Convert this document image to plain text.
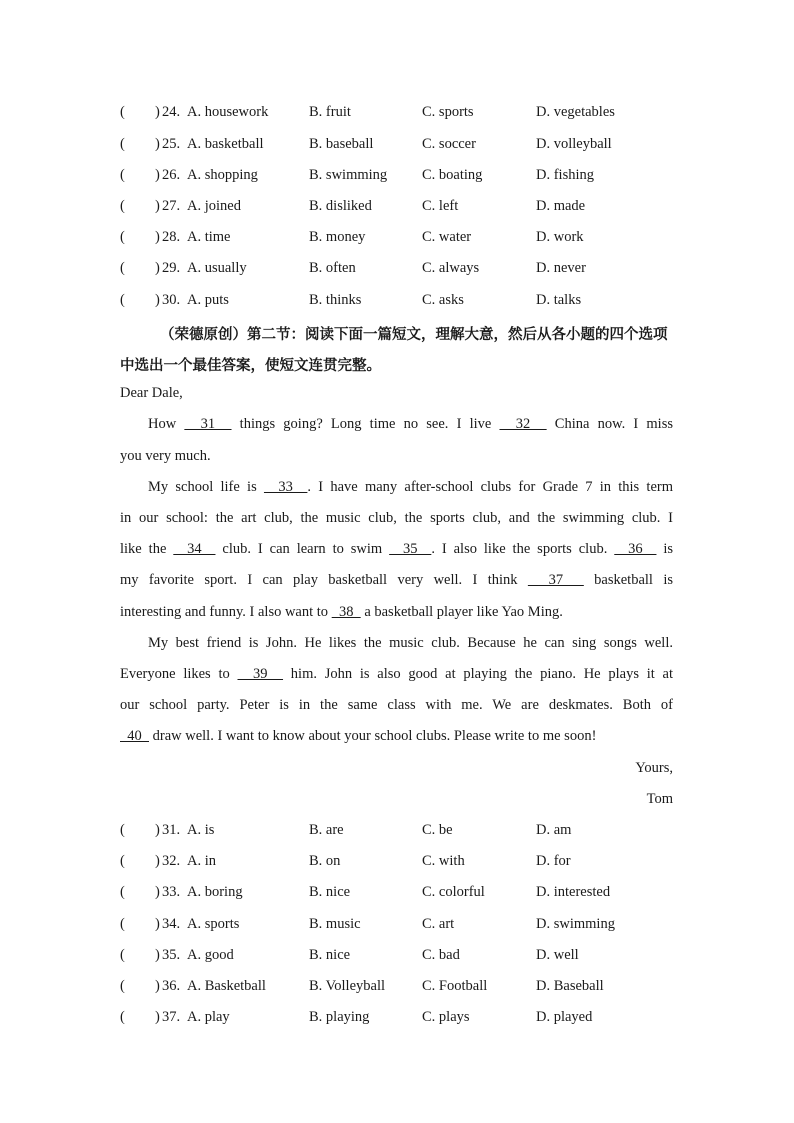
( ) 24. A. housework	B. fruit	C. sports	D. vegetables
( ) 25. A. basketball	B. baseball	C. soccer	D. volleyball
( ) 26. A. shopping	B. swimming C. boating	D. fishing
( ) 27. A. joined	B. disliked	C. left	D. made
( ) 28. A. time	B. money	C. water	D. work
( ) 29. A. usually	B. often	C. always	D. never
( ) 30. A. puts	B. thinks	C. asks	D. talks
（荣德原创）第二节：阅读下面一篇短文，理解大意，然后从各小题的四个选项中选出一个最佳答案，使短文连贯完整。
Dear Dale,
How   31   things going? Long time no see. I live   32   China now. I miss
you very much.
My school life is   33  . I have many after-school clubs for Grade 7 in this term
in our school: the art club, the music club, the sports club, and the swimming club. I
like the   34   club. I can learn to swim   35  . I also like the sports club.   36   is
my favorite sport. I can play basketball very well. I think   37   basketball is
interesting and funny. I also want to   38   a basketball player like Yao Ming.
My best friend is John. He likes the music club. Because he can sing songs well.
Everyone likes to   39   him. John is also good at playing the piano. He plays it at
our school party. Peter is in the same class with me. We are deskmates. Both of
40   draw well. I want to know about your school clubs. Please write to me soon!
Yours,
Tom
( ) 31. A. is	B. are	C. be	D. am
( ) 32. A. in	B. on	C. with	D. for
( ) 33. A. boring	B. nice	C. colorful	D. interested
( ) 34. A. sports	B. music	C. art	D. swimming
( ) 35. A. good	B. nice	C. bad	D. well
( ) 36. A. Basketball	B. Volleyball	C. Football	D. Baseball
( ) 37. A. play	B. playing	C. plays	D. played
